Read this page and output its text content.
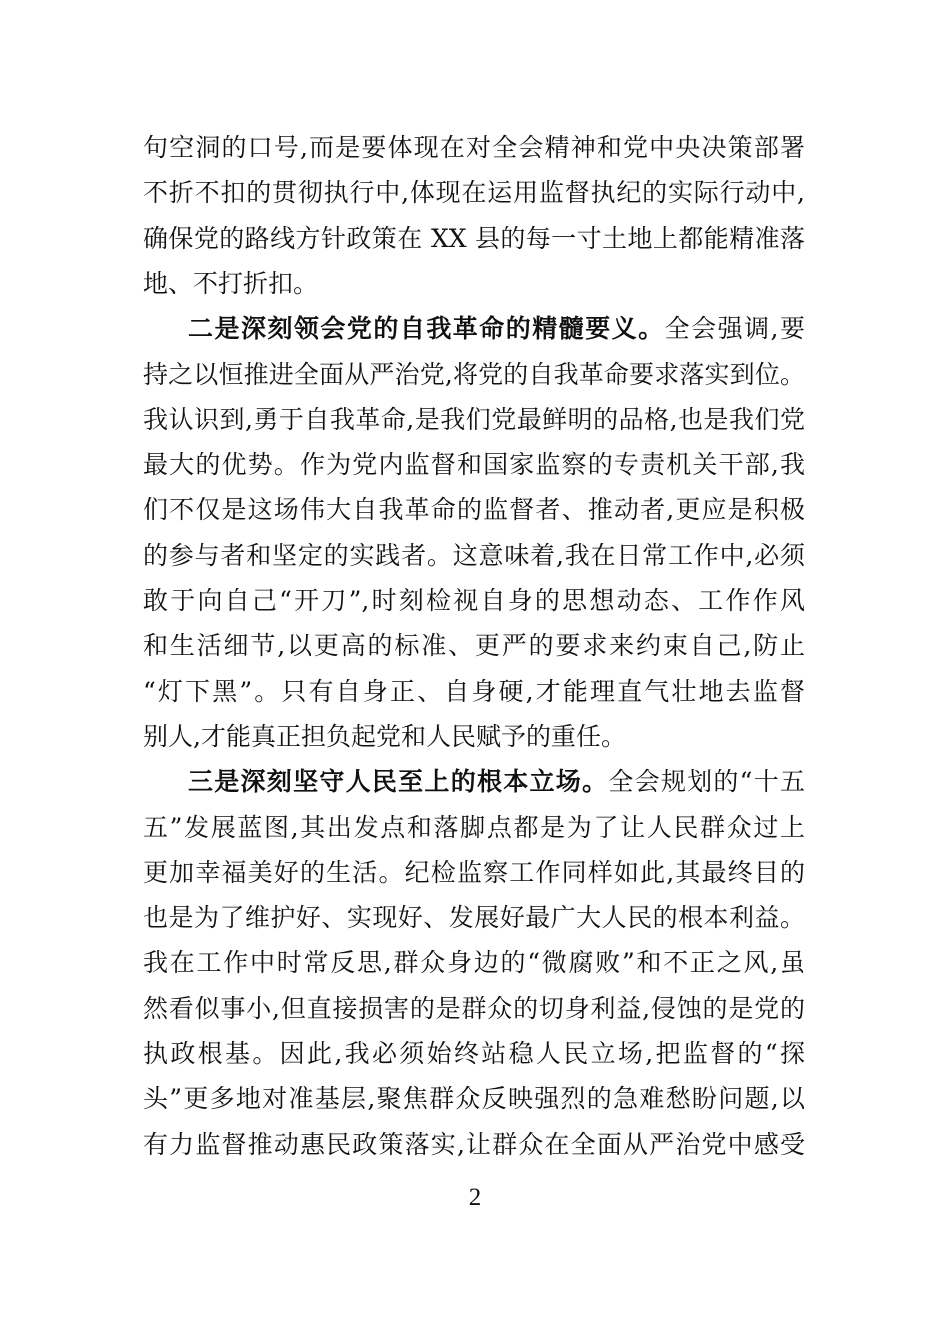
2
句空洞的口号,而是要体现在对全会精神和党中央决策部署
不折不扣的贯彻执行中,体现在运用监督执纪的实际行动中,
确保党的路线方针政策在 XX 县的每一寸土地上都能精准落
地、不打折扣。
二是深刻领会党的自我革命的精髓要义。全会强调,要
持之以恒推进全面从严治党,将党的自我革命要求落实到位。
我认识到,勇于自我革命,是我们党最鲜明的品格,也是我们党
最大的优势。作为党内监督和国家监察的专责机关干部,我
们不仅是这场伟大自我革命的监督者、推动者,更应是积极
的参与者和坚定的实践者。这意味着,我在日常工作中,必须
敢于向自己“开刀”,时刻检视自身的思想动态、工作作风
和生活细节,以更高的标准、更严的要求来约束自己,防止
“灯下黑”。只有自身正、自身硬,才能理直气壮地去监督
别人,才能真正担负起党和人民赋予的重任。
三是深刻坚守人民至上的根本立场。全会规划的“十五
五”发展蓝图,其出发点和落脚点都是为了让人民群众过上
更加幸福美好的生活。纪检监察工作同样如此,其最终目的
也是为了维护好、实现好、发展好最广大人民的根本利益。
我在工作中时常反思,群众身边的“微腐败”和不正之风,虽
然看似事小,但直接损害的是群众的切身利益,侵蚀的是党的
执政根基。因此,我必须始终站稳人民立场,把监督的“探
头”更多地对准基层,聚焦群众反映强烈的急难愁盼问题,以
有力监督推动惠民政策落实,让群众在全面从严治党中感受
